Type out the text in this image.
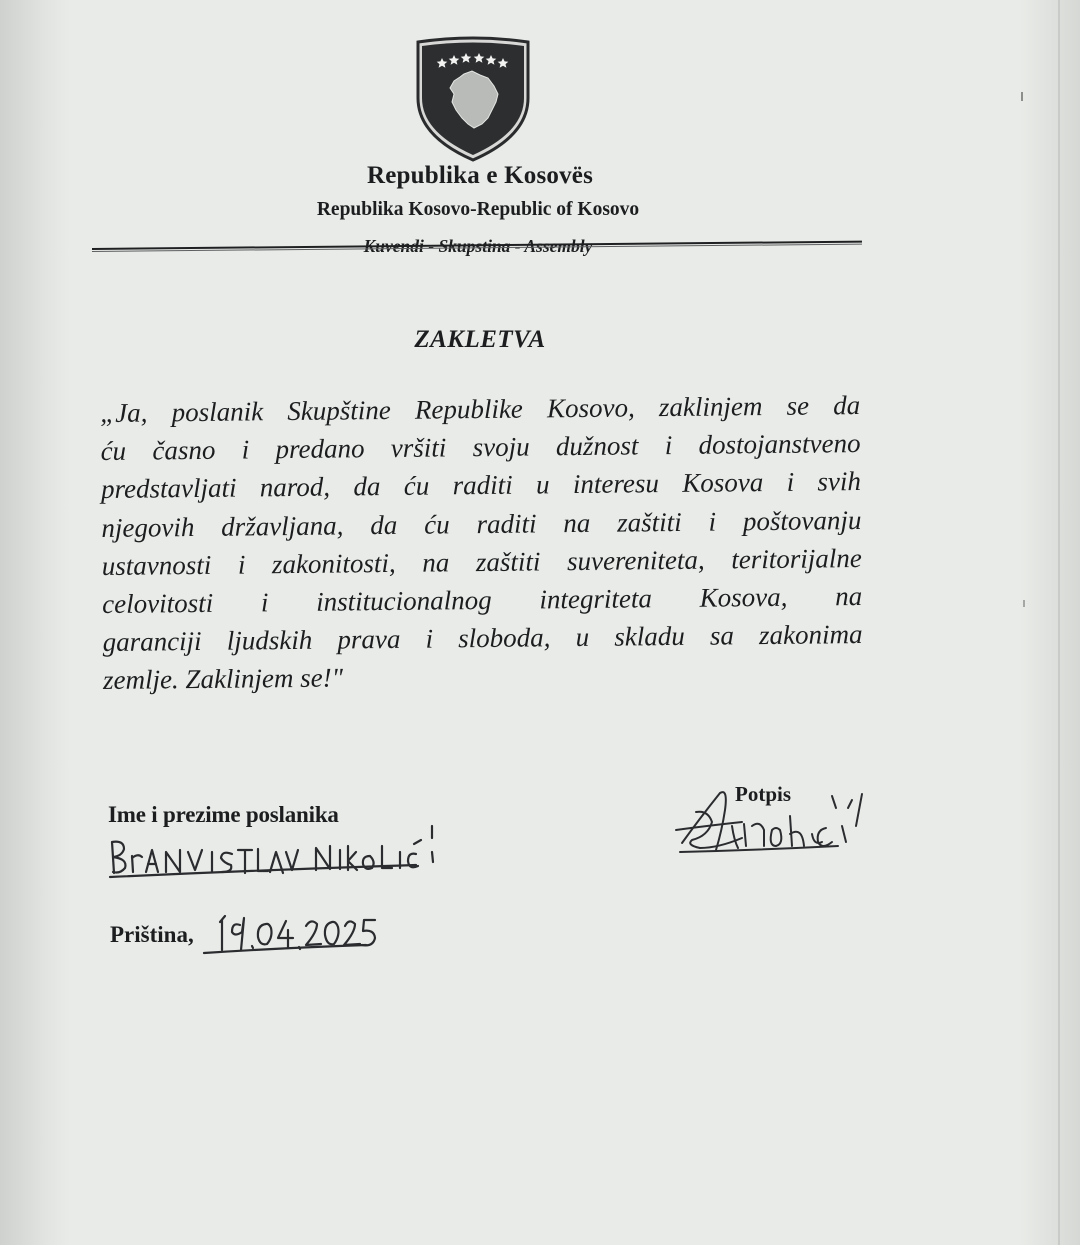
Republika e Kosovës
Republika Kosovo-Republic of Kosovo
Kuvendi - Skupstina - Assembly
ZAKLETVA
„Ja, poslanik Skupštine Republike Kosovo, zaklinjem se da
ću časno i predano vršiti svoju dužnost i dostojanstveno
predstavljati narod, da ću raditi u interesu Kosova i svih
njegovih državljana, da ću raditi na zaštiti i poštovanju
ustavnosti i zakonitosti, na zaštiti suvereniteta, teritorijalne
celovitosti i institucionalnog integriteta Kosova, na
garanciji ljudskih prava i sloboda, u skladu sa zakonima
zemlje. Zaklinjem se!"
Ime i prezime poslanika
Potpis
Priština,
